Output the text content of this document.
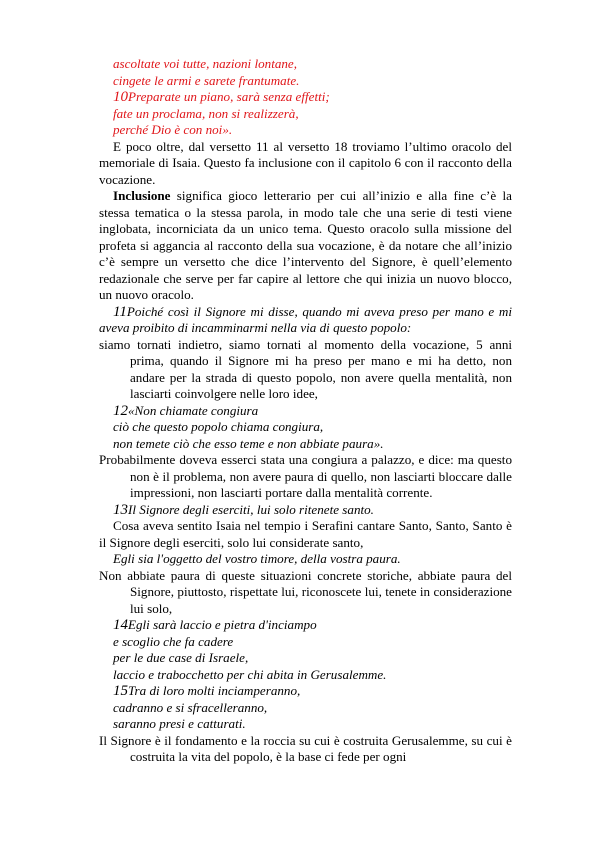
ascoltate voi tutte, nazioni lontane,
cingete le armi e sarete frantumate.
10Preparate un piano, sarà senza effetti;
fate un proclama, non si realizzerà,
perché Dio è con noi».
E poco oltre, dal versetto 11 al versetto 18 troviamo l’ultimo oracolo del memoriale di Isaia. Questo fa inclusione con il capitolo 6 con il racconto della vocazione.
Inclusione significa gioco letterario per cui all’inizio e alla fine c’è la stessa tematica o la stessa parola, in modo tale che una serie di testi viene inglobata, incorniciata da un unico tema. Questo oracolo sulla missione del profeta si aggancia al racconto della sua vocazione, è da notare che all’inizio c’è sempre un versetto che dice l’intervento del Signore, è quell’elemento redazionale che serve per far capire al lettore che qui inizia un nuovo blocco, un nuovo oracolo.
11Poiché così il Signore mi disse, quando mi aveva preso per mano e mi aveva proibito di incamminarmi nella via di questo popolo:
siamo tornati indietro, siamo tornati al momento della vocazione, 5 anni prima, quando il Signore mi ha preso per mano e mi ha detto, non andare per la strada di questo popolo, non avere quella mentalità, non lasciarti coinvolgere nelle loro idee,
12«Non chiamate congiura
ciò che questo popolo chiama congiura,
non temete ciò che esso teme e non abbiate paura».
Probabilmente doveva esserci stata una congiura a palazzo, e dice: ma questo non è il problema, non avere paura di quello, non lasciarti bloccare dalle impressioni, non lasciarti portare dalla mentalità corrente.
13Il Signore degli eserciti, lui solo ritenete santo.
Cosa aveva sentito Isaia nel tempio i Serafini cantare Santo, Santo, Santo è il Signore degli eserciti, solo lui considerate santo,
Egli sia l'oggetto del vostro timore, della vostra paura.
Non abbiate paura di queste situazioni concrete storiche, abbiate paura del Signore, piuttosto, rispettate lui, riconoscete lui, tenete in considerazione lui solo,
14Egli sarà laccio e pietra d'inciampo
e scoglio che fa cadere
per le due case di Israele,
laccio e trabocchetto per chi abita in Gerusalemme.
15Tra di loro molti inciamperanno,
cadranno e si sfracelleranno,
saranno presi e catturati.
Il Signore è il fondamento e la roccia su cui è costruita Gerusalemme, su cui è costruita la vita del popolo, è la base ci fede per ogni
